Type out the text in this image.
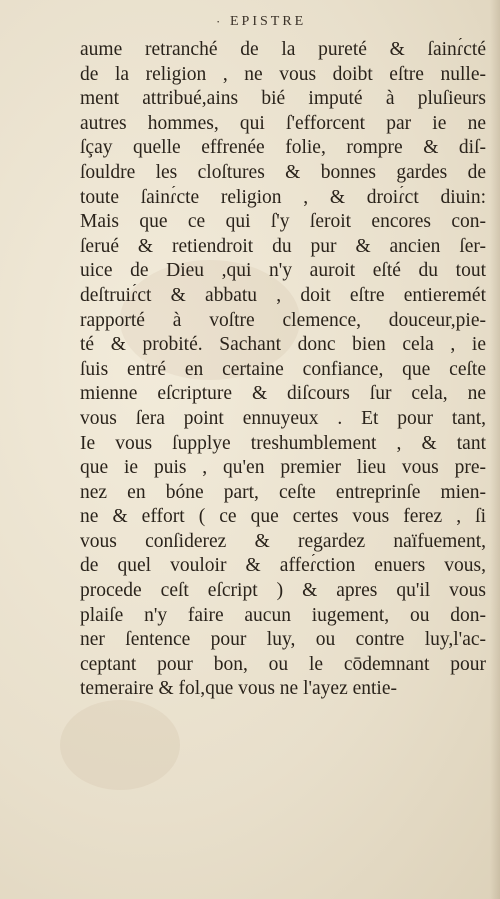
· EPISTRE
aume retranché de la pureté & ſainɾ́cté
de la religion , ne vous doibt eſtre nulle-
ment attribué,ains bié imputé à pluſieurs
autres hommes, qui ſ'efforcent par ie ne
ſçay quelle effrenée folie, rompre & diſ-
ſouldre les cloſtures & bonnes gardes de
toute ſainɾ́cte religion , & droiɾ́ct diuin:
Mais que ce qui ſ'y ſeroit encores con-
ſerué & retiendroit du pur & ancien ſer-
uice de Dieu ,qui n'y auroit eſté du tout
deſtruiɾ́ct & abbatu , doit eſtre entieremét
rapporté à voſtre clemence, douceur,pie-
té & probité. Sachant donc bien cela , ie
ſuis entré en certaine confiance, que ceſte
mienne eſcripture & diſcours ſur cela, ne
vous ſera point ennuyeux . Et pour tant,
Ie vous ſupplye treshumblement , & tant
que ie puis , qu'en premier lieu vous pre-
nez en bóne part, ceſte entreprinſe mien-
ne & effort ( ce que certes vous ferez , ſi
vous conſiderez & regardez naïfuement,
de quel vouloir & affeɾ́ction enuers vous,
procede ceſt eſcript ) & apres qu'il vous
plaiſe n'y faire aucun iugement, ou don-
ner ſentence pour luy, ou contre luy,l'ac-
ceptant pour bon, ou le cōdemnant pour
temeraire & fol,que vous ne l'ayez entie-
